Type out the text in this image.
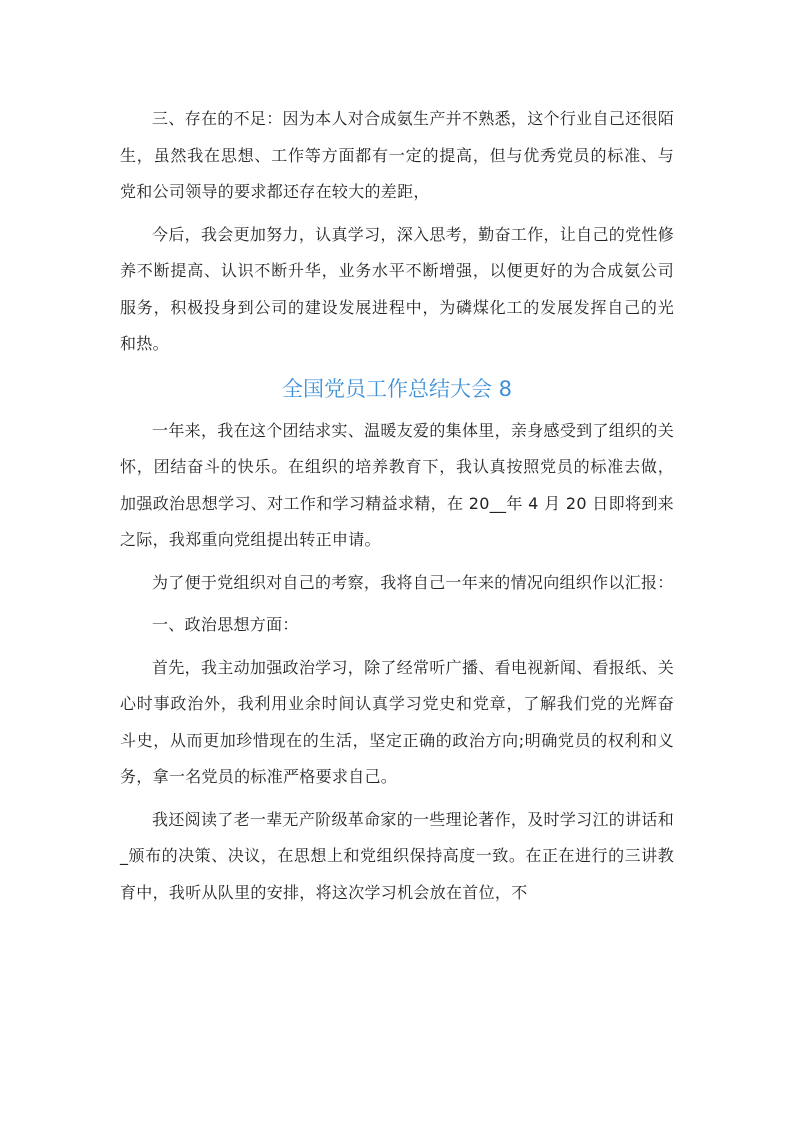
三、存在的不足：因为本人对合成氨生产并不熟悉，这个行业自己还很陌生，虽然我在思想、工作等方面都有一定的提高，但与优秀党员的标准、与党和公司领导的要求都还存在较大的差距，

今后，我会更加努力，认真学习，深入思考，勤奋工作，让自己的党性修养不断提高、认识不断升华，业务水平不断增强，以便更好的为合成氨公司服务，积极投身到公司的建设发展进程中，为磷煤化工的发展发挥自己的光和热。

全国党员工作总结大会 8

一年来，我在这个团结求实、温暖友爱的集体里，亲身感受到了组织的关怀，团结奋斗的快乐。在组织的培养教育下，我认真按照党员的标准去做，加强政治思想学习、对工作和学习精益求精，在 20__年 4 月 20 日即将到来之际，我郑重向党组提出转正申请。

为了便于党组织对自己的考察，我将自己一年来的情况向组织作以汇报：

一、政治思想方面：

首先，我主动加强政治学习，除了经常听广播、看电视新闻、看报纸、关心时事政治外，我利用业余时间认真学习党史和党章，了解我们党的光辉奋斗史，从而更加珍惜现在的生活，坚定正确的政治方向;明确党员的权利和义务，拿一名党员的标准严格要求自己。

我还阅读了老一辈无产阶级革命家的一些理论著作，及时学习江的讲话和_颁布的决策、决议，在思想上和党组织保持高度一致。在正在进行的三讲教育中，我听从队里的安排，将这次学习机会放在首位，不
